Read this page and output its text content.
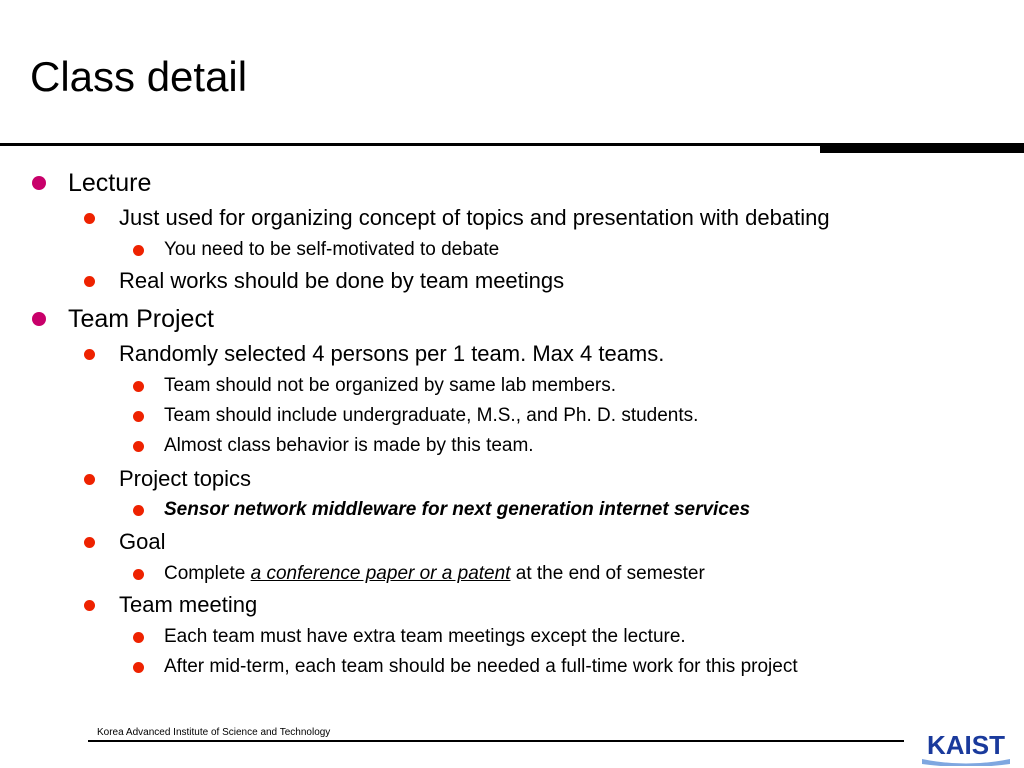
Class detail
Lecture
Just used for organizing concept of topics and presentation with debating
You need to be self-motivated to debate
Real works should be done by team meetings
Team Project
Randomly selected 4 persons per 1 team. Max 4 teams.
Team should not be organized by same lab members.
Team should include undergraduate, M.S., and Ph. D. students.
Almost class behavior is made by this team.
Project topics
Sensor network middleware for next generation internet services
Goal
Complete a conference paper or a patent at the end of semester
Team meeting
Each team must have extra team meetings except the lecture.
After mid-term, each team should be needed a full-time work for this project
Korea Advanced Institute of Science and Technology	KAIST
